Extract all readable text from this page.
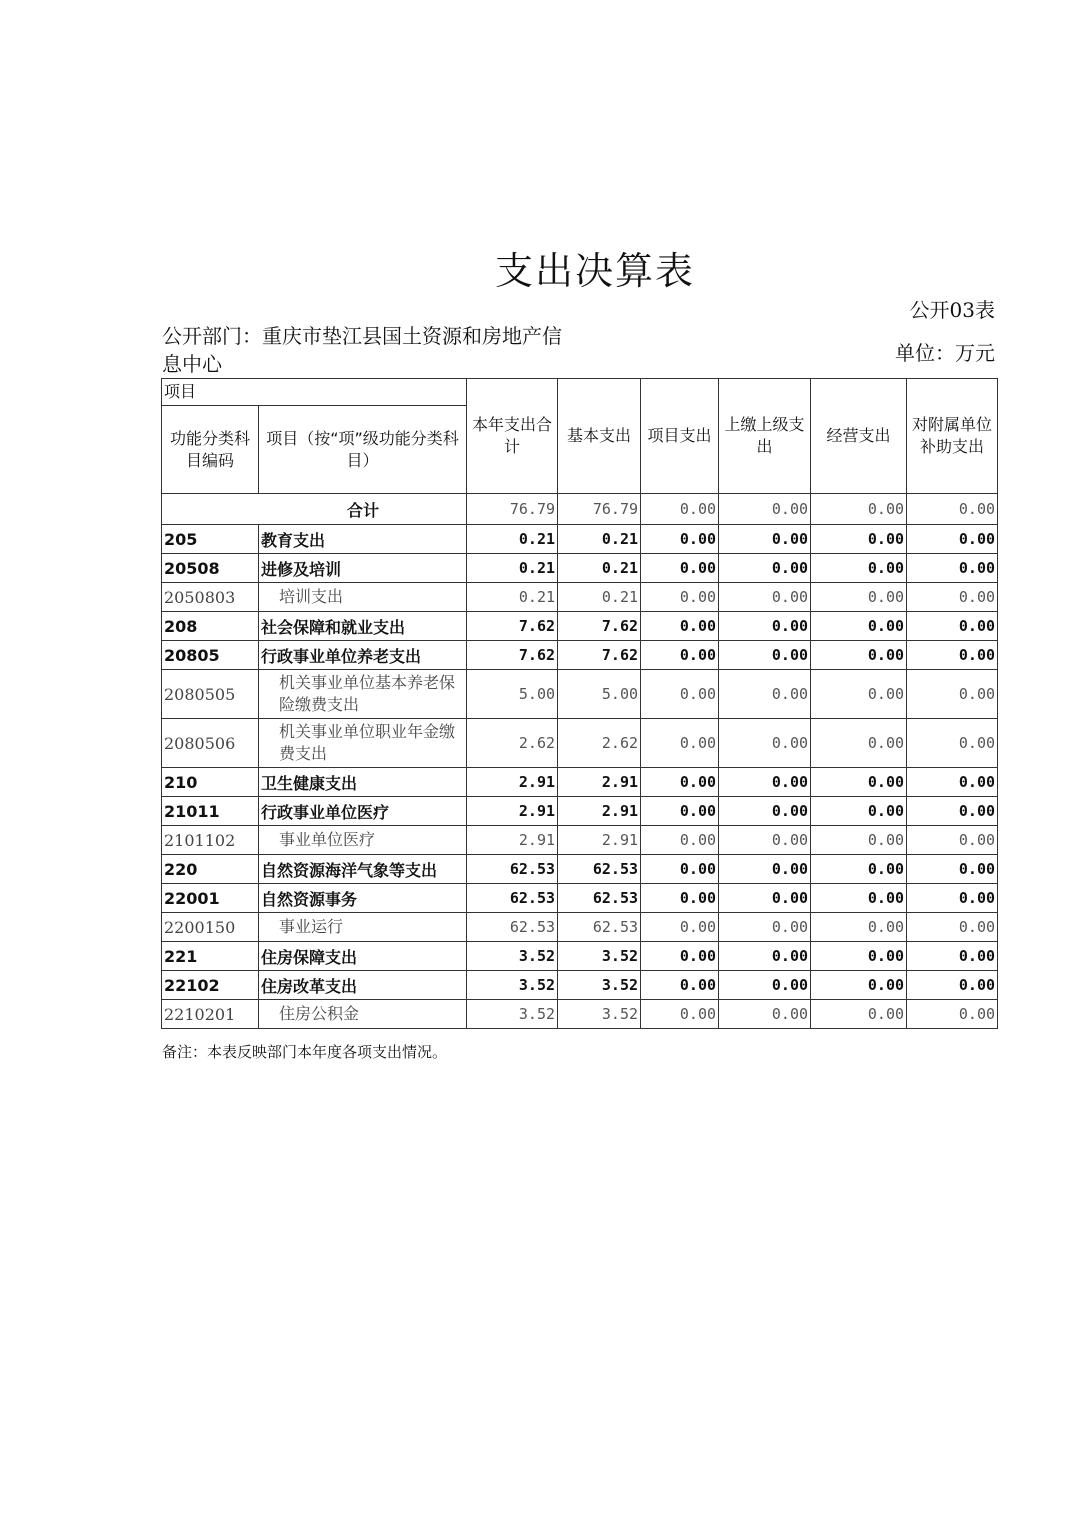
支出决算表
公开03表
公开部门：重庆市垫江县国土资源和房地产信息中心	单位：万元
项目		本年支出合计	基本支出	项目支出	上缴上级支出	经营支出	对附属单位补助支出
功能分类科目编码	项目（按“项”级功能分类科目）						
合计		76.79	76.79	0.00	0.00	0.00	0.00
205	教育支出	0.21	0.21	0.00	0.00	0.00	0.00
20508	进修及培训	0.21	0.21	0.00	0.00	0.00	0.00
2050803	培训支出	0.21	0.21	0.00	0.00	0.00	0.00
208	社会保障和就业支出	7.62	7.62	0.00	0.00	0.00	0.00
20805	行政事业单位养老支出	7.62	7.62	0.00	0.00	0.00	0.00
2080505	机关事业单位基本养老保险缴费支出	5.00	5.00	0.00	0.00	0.00	0.00
2080506	机关事业单位职业年金缴费支出	2.62	2.62	0.00	0.00	0.00	0.00
210	卫生健康支出	2.91	2.91	0.00	0.00	0.00	0.00
21011	行政事业单位医疗	2.91	2.91	0.00	0.00	0.00	0.00
2101102	事业单位医疗	2.91	2.91	0.00	0.00	0.00	0.00
220	自然资源海洋气象等支出	62.53	62.53	0.00	0.00	0.00	0.00
22001	自然资源事务	62.53	62.53	0.00	0.00	0.00	0.00
2200150	事业运行	62.53	62.53	0.00	0.00	0.00	0.00
221	住房保障支出	3.52	3.52	0.00	0.00	0.00	0.00
22102	住房改革支出	3.52	3.52	0.00	0.00	0.00	0.00
2210201	住房公积金	3.52	3.52	0.00	0.00	0.00	0.00
备注：本表反映部门本年度各项支出情况。
